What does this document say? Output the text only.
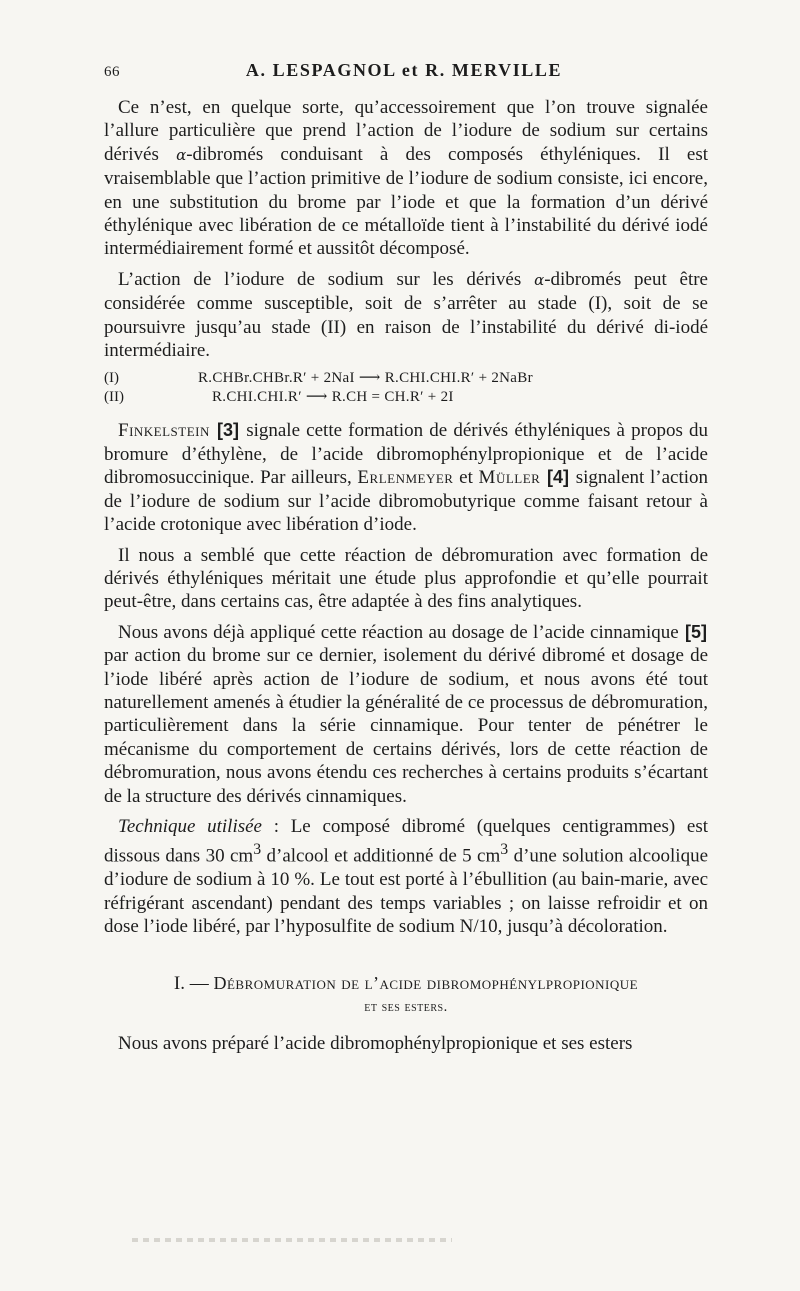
66	A. LESPAGNOL et R. MERVILLE

Ce n’est, en quelque sorte, qu’accessoirement que l’on trouve signalée l’allure particulière que prend l’action de l’iodure de sodium sur certains dérivés α-dibromés conduisant à des composés éthyléniques. Il est vraisemblable que l’action primitive de l’iodure de sodium consiste, ici encore, en une substitution du brome par l’iode et que la formation d’un dérivé éthylénique avec libération de ce métalloïde tient à l’instabilité du dérivé iodé intermédiairement formé et aussitôt décomposé.

L’action de l’iodure de sodium sur les dérivés α-dibromés peut être considérée comme susceptible, soit de s’arrêter au stade (I), soit de se poursuivre jusqu’au stade (II) en raison de l’instabilité du dérivé di-iodé intermédiaire.

(I)	R.CHBr.CHBr.R′ + 2NaI ⟶ R.CHI.CHI.R′ + 2NaBr
(II)	R.CHI.CHI.R′ ⟶ R.CH = CH.R′ + 2I

Finkelstein [3] signale cette formation de dérivés éthyléniques à propos du bromure d’éthylène, de l’acide dibromophénylpropionique et de l’acide dibromosuccinique. Par ailleurs, Erlenmeyer et Müller [4] signalent l’action de l’iodure de sodium sur l’acide dibromobutyrique comme faisant retour à l’acide crotonique avec libération d’iode.

Il nous a semblé que cette réaction de débromuration avec formation de dérivés éthyléniques méritait une étude plus approfondie et qu’elle pourrait peut-être, dans certains cas, être adaptée à des fins analytiques.

Nous avons déjà appliqué cette réaction au dosage de l’acide cinnamique [5] par action du brome sur ce dernier, isolement du dérivé dibromé et dosage de l’iode libéré après action de l’iodure de sodium, et nous avons été tout naturellement amenés à étudier la généralité de ce processus de débromuration, particulièrement dans la série cinnamique. Pour tenter de pénétrer le mécanisme du comportement de certains dérivés, lors de cette réaction de débromuration, nous avons étendu ces recherches à certains produits s’écartant de la structure des dérivés cinnamiques.

Technique utilisée : Le composé dibromé (quelques centigrammes) est dissous dans 30 $cm^3$ d’alcool et additionné de 5 $cm^3$ d’une solution alcoolique d’iodure de sodium à 10 %. Le tout est porté à l’ébullition (au bain-marie, avec réfrigérant ascendant) pendant des temps variables ; on laisse refroidir et on dose l’iode libéré, par l’hyposulfite de sodium N/10, jusqu’à décoloration.

I. — Débromuration de l’acide dibromophénylpropionique
et ses esters.

Nous avons préparé l’acide dibromophénylpropionique et ses esters
